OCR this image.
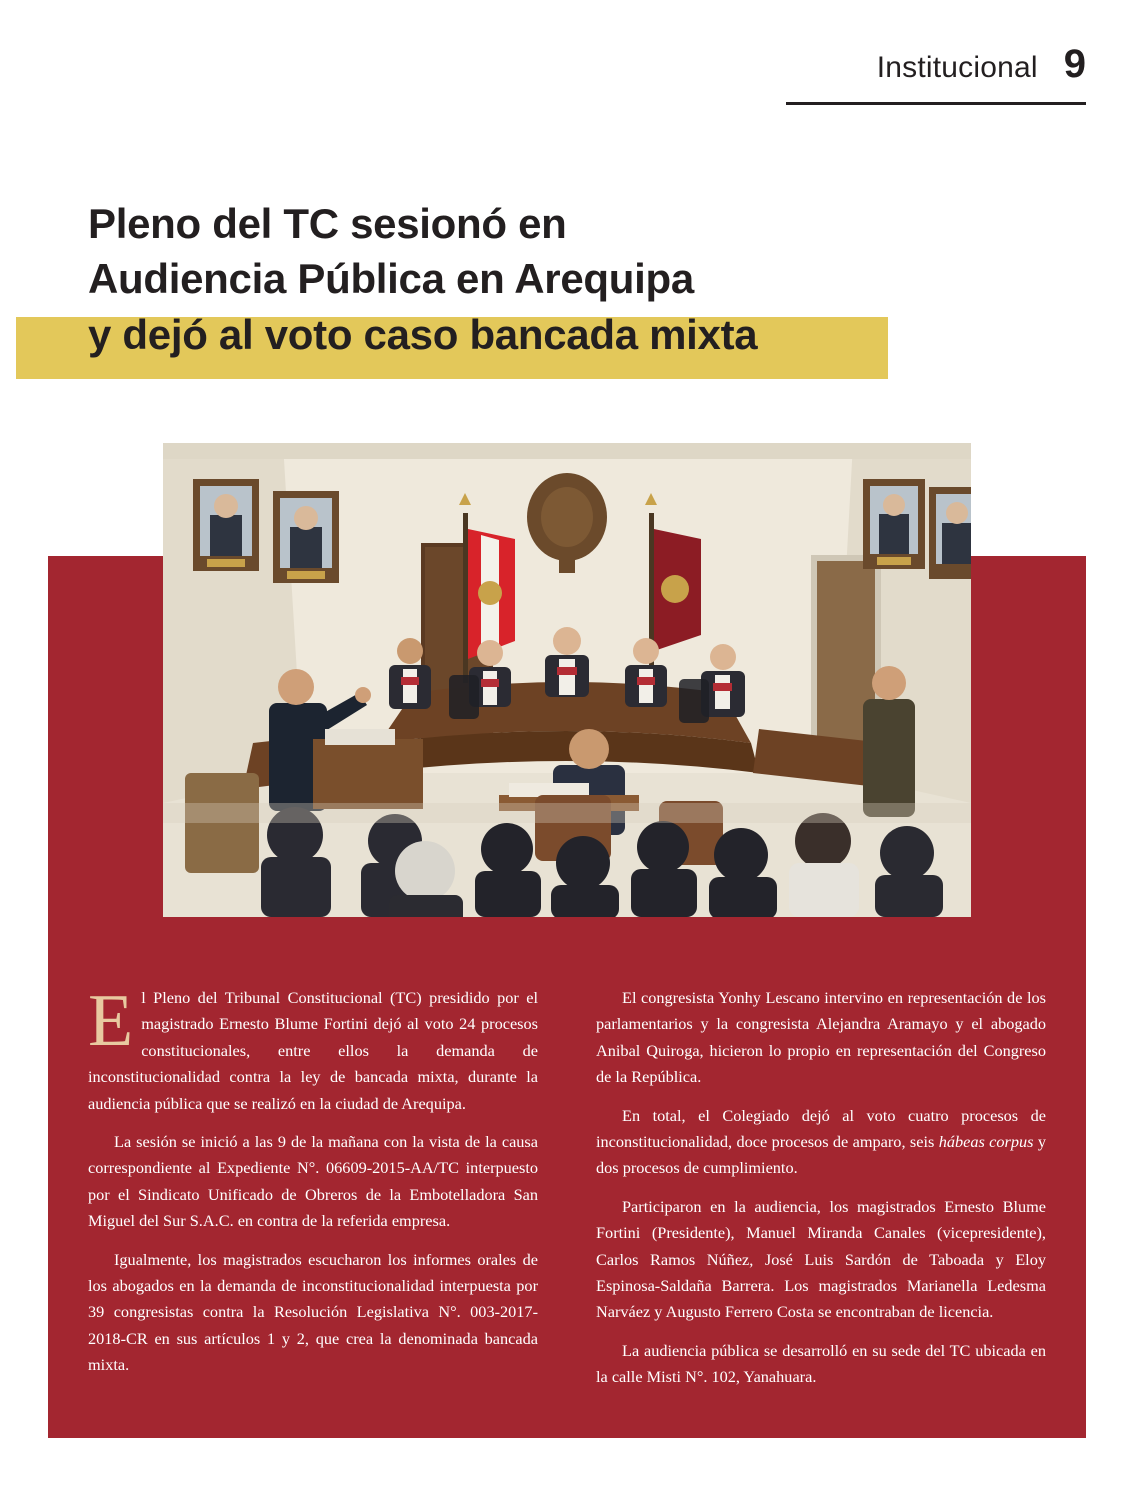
Institucional 9
Pleno del TC sesionó en
Audiencia Pública en Arequipa
y dejó al voto caso bancada mixta

El Pleno del Tribunal Constitucional (TC) presidido por el magistrado Ernesto Blume Fortini dejó al voto 24 procesos constitucionales, entre ellos la demanda de inconstitucionalidad contra la ley de bancada mixta, durante la audiencia pública que se realizó en la ciudad de Arequipa.

La sesión se inició a las 9 de la mañana con la vista de la causa correspondiente al Expediente N°. 06609-2015-AA/TC interpuesto por el Sindicato Unificado de Obreros de la Embotelladora San Miguel del Sur S.A.C. en contra de la referida empresa.

Igualmente, los magistrados escucharon los informes orales de los abogados en la demanda de inconstitucionalidad interpuesta por 39 congresistas contra la Resolución Legislativa N°. 003-2017-2018-CR en sus artículos 1 y 2, que crea la denominada bancada mixta.

El congresista Yonhy Lescano intervino en representación de los parlamentarios y la congresista Alejandra Aramayo y el abogado Anibal Quiroga, hicieron lo propio en representación del Congreso de la República.

En total, el Colegiado dejó al voto cuatro procesos de inconstitucionalidad, doce procesos de amparo, seis hábeas corpus y dos procesos de cumplimiento.

Participaron en la audiencia, los magistrados Ernesto Blume Fortini (Presidente), Manuel Miranda Canales (vicepresidente), Carlos Ramos Núñez, José Luis Sardón de Taboada y Eloy Espinosa-Saldaña Barrera. Los magistrados Marianella Ledesma Narváez y Augusto Ferrero Costa se encontraban de licencia.

La audiencia pública se desarrolló en su sede del TC ubicada en la calle Misti N°. 102, Yanahuara.
